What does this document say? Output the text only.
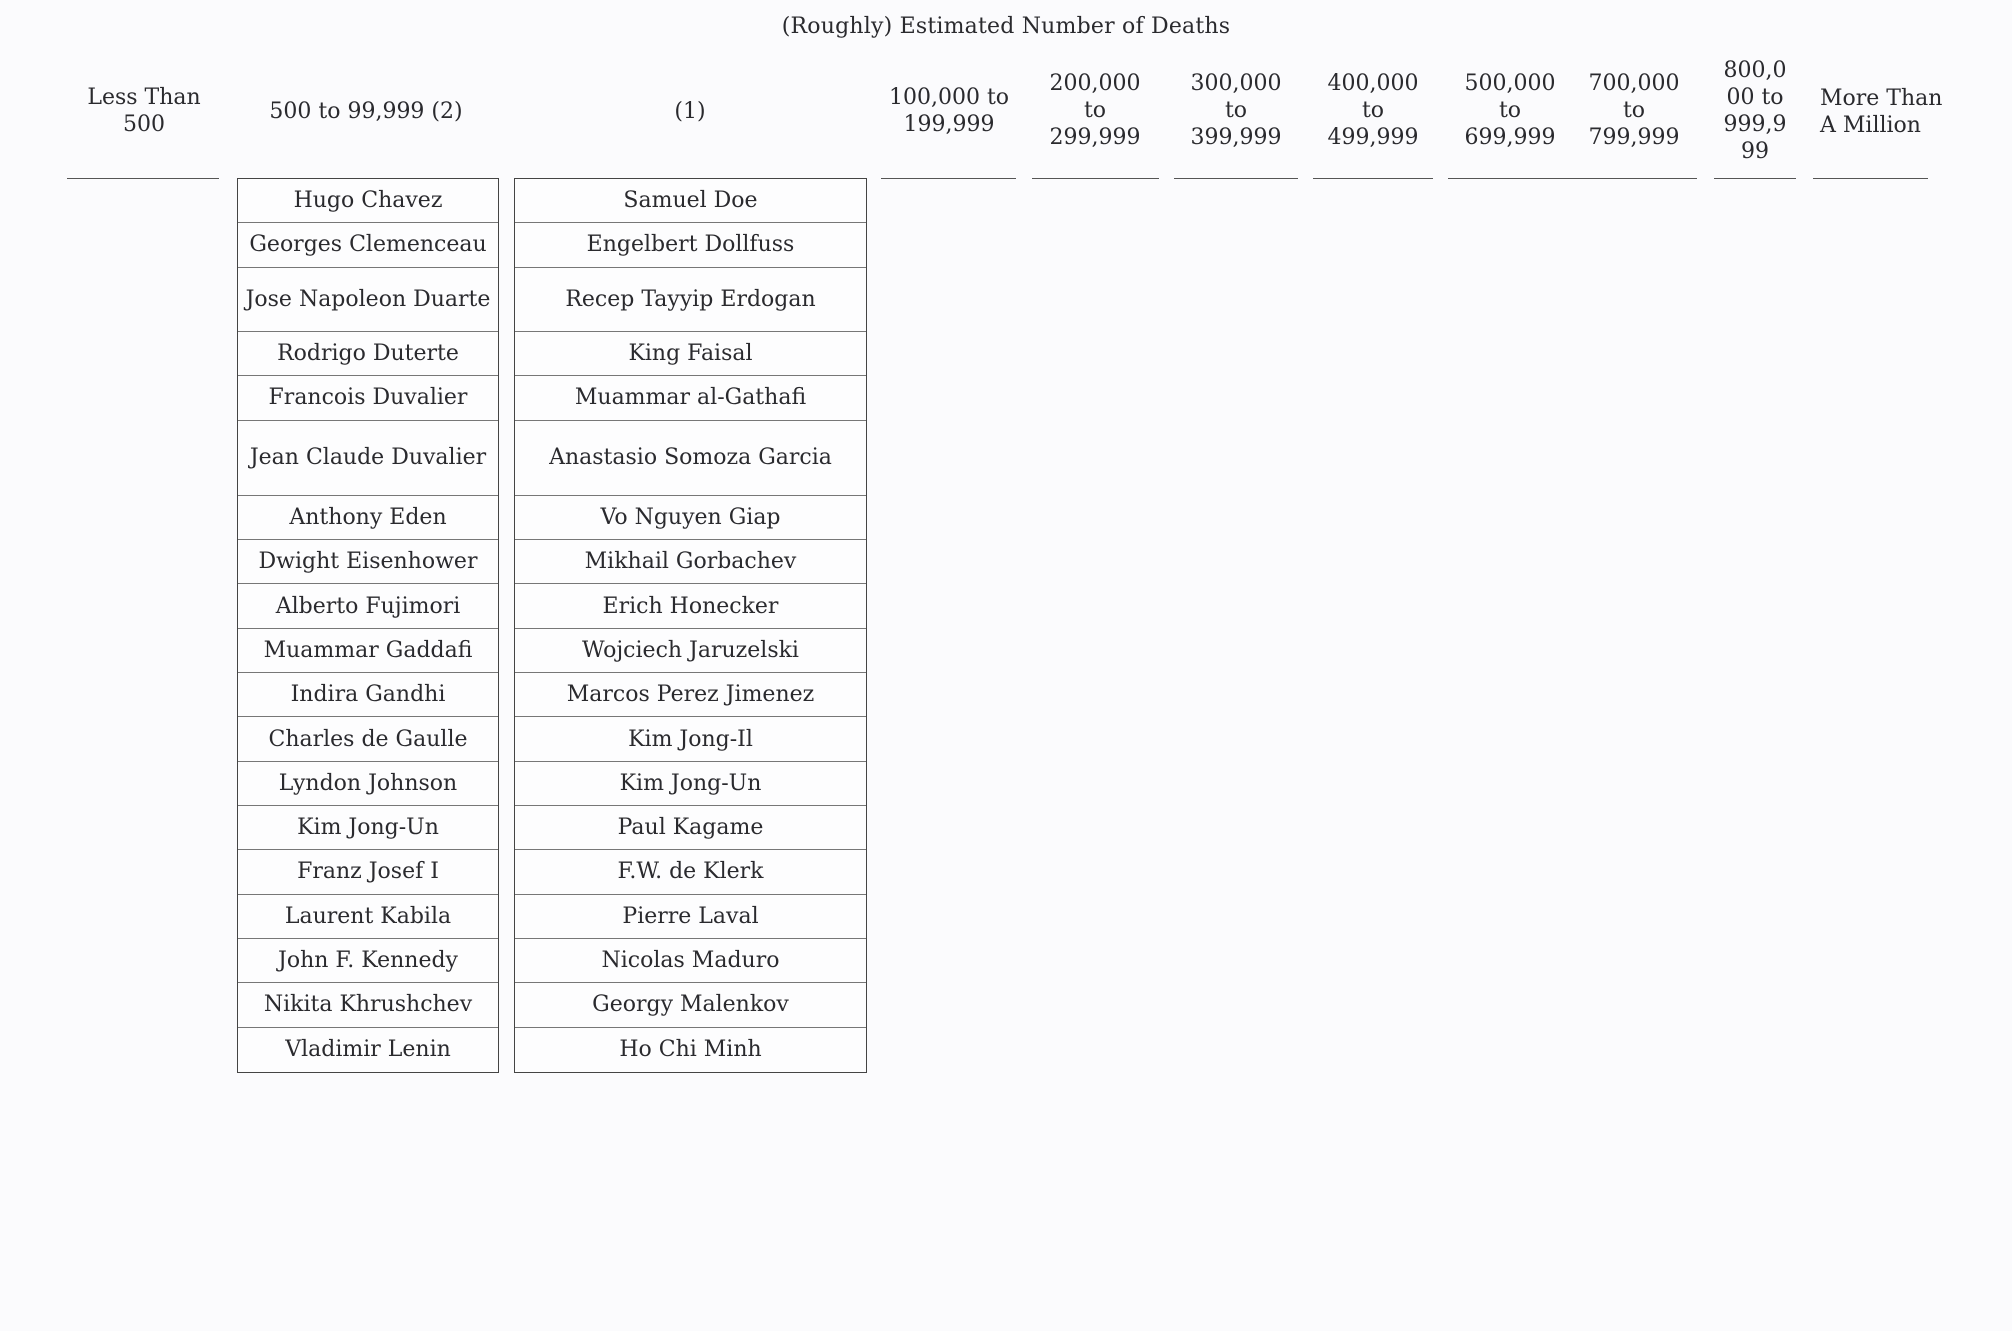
(Roughly) Estimated Number of Deaths
Less Than
500
500 to 99,999 (2)	(1)
100,000 to
199,999
200,000
to
299,999
300,000
to
399,999
400,000
to
499,999
500,000
to
699,999
700,000
to
799,999
800,0
00 to
999,9
99
More Than
A Million
Hugo Chavez
Georges Clemenceau
Jose Napoleon Duarte
Rodrigo Duterte
Francois Duvalier
Jean Claude Duvalier
Anthony Eden
Dwight Eisenhower
Alberto Fujimori
Muammar Gaddafi
Indira Gandhi
Charles de Gaulle
Lyndon Johnson
Kim Jong-Un
Franz Josef I
Laurent Kabila
John F. Kennedy
Nikita Khrushchev
Vladimir Lenin
Samuel Doe
Engelbert Dollfuss
Recep Tayyip Erdogan
King Faisal
Muammar al-Gathafi
Anastasio Somoza Garcia
Vo Nguyen Giap
Mikhail Gorbachev
Erich Honecker
Wojciech Jaruzelski
Marcos Perez Jimenez
Kim Jong-Il
Kim Jong-Un
Paul Kagame
F.W. de Klerk
Pierre Laval
Nicolas Maduro
Georgy Malenkov
Ho Chi Minh
